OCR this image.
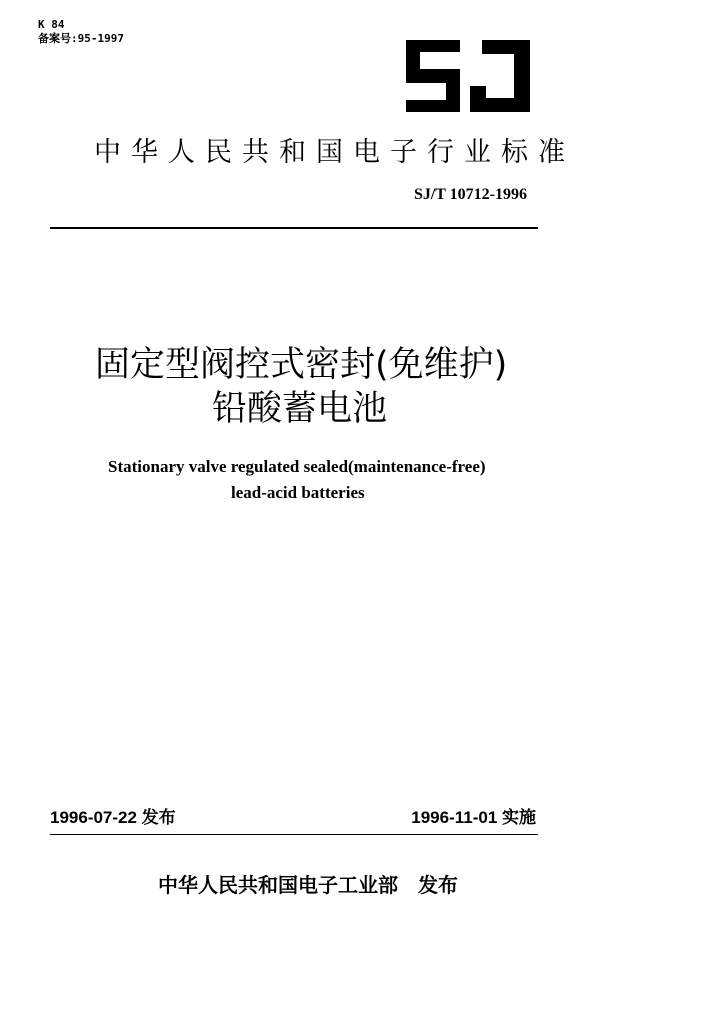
K 84
备案号:95-1997
中华人民共和国电子行业标准
SJ/T 10712-1996
固定型阀控式密封(免维护)
铅酸蓄电池
Stationary valve regulated sealed(maintenance-free)
lead-acid batteries
1996-07-22 发布	1996-11-01 实施
中华人民共和国电子工业部　发布
